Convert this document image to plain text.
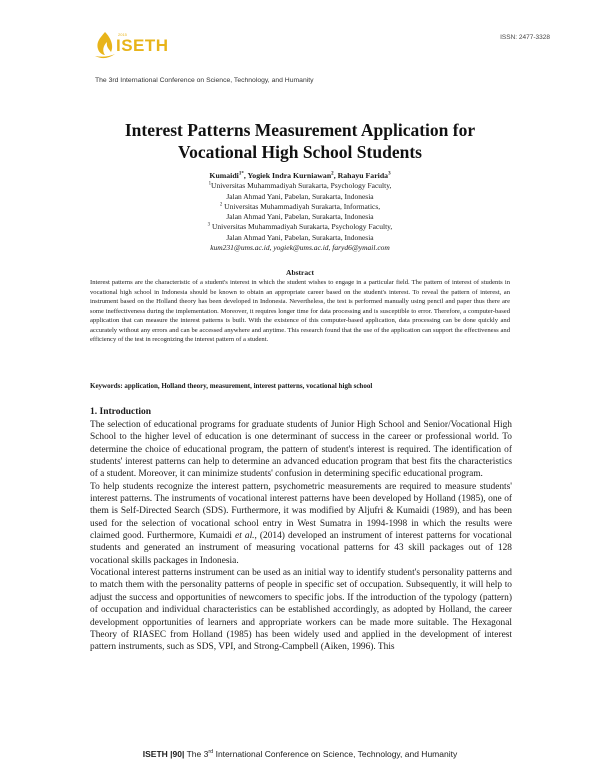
ISSN: 2477-3328
2015
ISETH
The 3rd International Conference on Science, Technology, and Humanity
Interest Patterns Measurement Application for
Vocational High School Students
Kumaidi$^{1*}$, Yogiek Indra Kurniawan$^2$, Rahayu Farida$^3$
$^1$Universitas Muhammadiyah Surakarta, Psychology Faculty,
Jalan Ahmad Yani, Pabelan, Surakarta, Indonesia
$^2$ Universitas Muhammadiyah Surakarta, Informatics,
Jalan Ahmad Yani, Pabelan, Surakarta, Indonesia
$^3$ Universitas Muhammadiyah Surakarta, Psychology Faculty,
Jalan Ahmad Yani, Pabelan, Surakarta, Indonesia
kum231@ums.ac.id, yogiek@ums.ac.id, faryd6@ymail.com
Abstract
Interest patterns are the characteristic of a student's interest in which the student wishes to engage in a particular field. The pattern of interest of students in vocational high school in Indonesia should be known to obtain an appropriate career based on the student's interest. To reveal the pattern of interest, an instrument based on the Holland theory has been developed in Indonesia. Nevertheless, the test is performed manually using pencil and paper thus there are some ineffectiveness during the implementation. Moreover, it requires longer time for data processing and is susceptible to error. Therefore, a computer-based application that can measure the interest patterns is built. With the existence of this computer-based application, data processing can be done quickly and accurately without any errors and can be accessed anywhere and anytime. This research found that the use of the application can support the effectiveness and efficiency of the test in recognizing the interest pattern of a student.
Keywords: application, Holland theory, measurement, interest patterns, vocational high school
1. Introduction

The selection of educational programs for graduate students of Junior High School and Senior/Vocational High School to the higher level of education is one determinant of success in the career or professional world. To determine the choice of educational program, the pattern of student's interest is required. The identification of students' interest patterns can help to determine an advanced education program that best fits the characteristics of a student. Moreover, it can minimize students' confusion in determining specific educational program.

To help students recognize the interest pattern, psychometric measurements are required to measure students' interest patterns. The instruments of vocational interest patterns have been developed by Holland (1985), one of them is Self-Directed Search (SDS). Furthermore, it was modified by Aljufri & Kumaidi (1989), and has been used for the selection of vocational school entry in West Sumatra in 1994-1998 in which the results were claimed good. Furthermore, Kumaidi et al., (2014) developed an instrument of interest patterns for vocational students and generated an instrument of measuring vocational patterns for 43 skill packages out of 128 vocational skills packages in Indonesia.

Vocational interest patterns instrument can be used as an initial way to identify student's personality patterns and to match them with the personality patterns of people in specific set of occupation. Subsequently, it will help to adjust the success and opportunities of newcomers to specific jobs. If the introduction of the typology (pattern) of occupation and individual characteristics can be established accordingly, as adopted by Holland, the career development opportunities of learners and appropriate workers can be made more suitable. The Hexagonal Theory of RIASEC from Holland (1985) has been widely used and applied in the development of interest pattern instruments, such as SDS, VPI, and Strong-Campbell (Aiken, 1996). This

ISETH |90| The 3rd International Conference on Science, Technology, and Humanity
